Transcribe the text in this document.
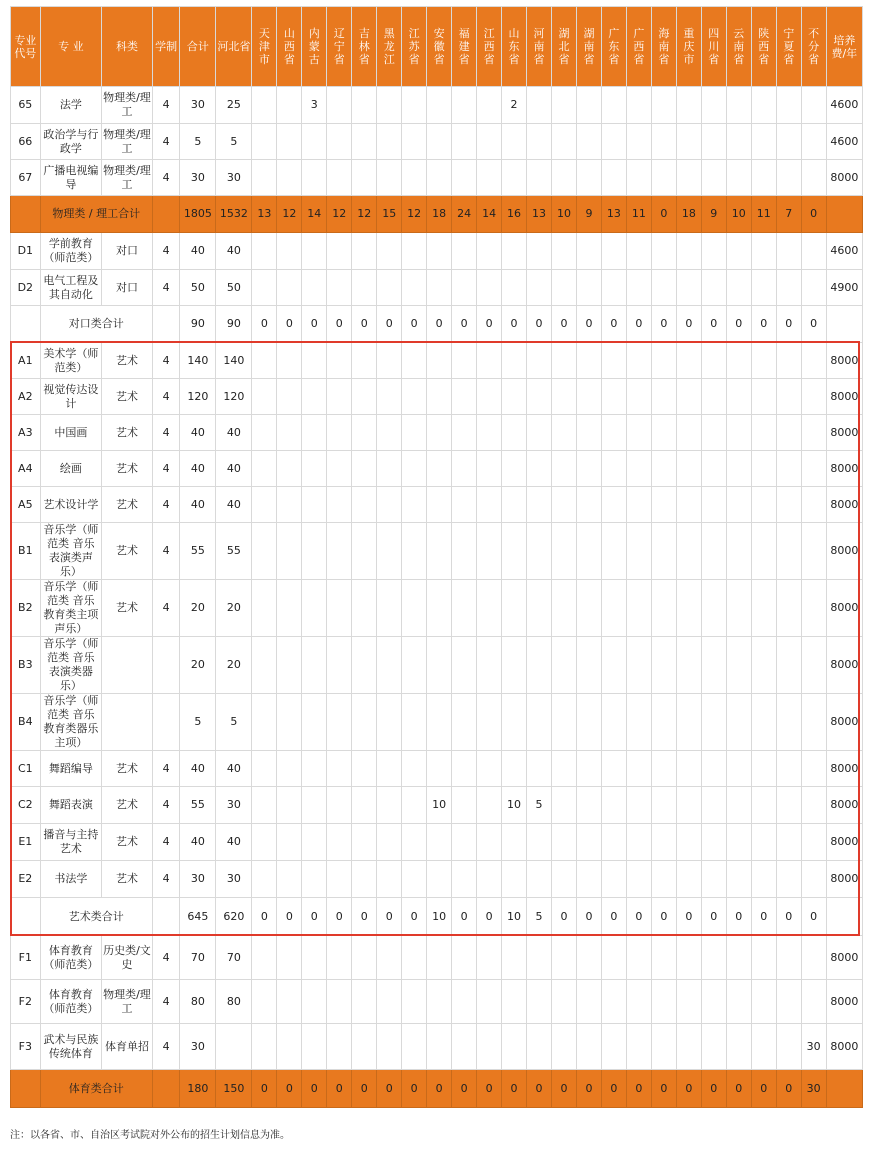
专业代号	专 业	科类	学制	合计	河北省	天津市	山西省	内蒙古	辽宁省	吉林省	黑龙江	江苏省	安徽省	福建省	江西省	山东省	河南省	湖北省	湖南省	广东省	广西省	海南省	重庆市	四川省	云南省	陕西省	宁夏省	不分省	培养费/年
65	法学	物理类/理工	4	30	25			3								2													4600
66	政治学与行政学	物理类/理工	4	5	5																								4600
67	广播电视编导	物理类/理工	4	30	30																								8000
	物理类 / 理工合计			1805	1532	13	12	14	12	12	15	12	18	24	14	16	13	10	9	13	11	0	18	9	10	11	7	0	
D1	学前教育（师范类）	对口	4	40	40																								4600
D2	电气工程及其自动化	对口	4	50	50																								4900
	对口类合计			90	90	0	0	0	0	0	0	0	0	0	0	0	0	0	0	0	0	0	0	0	0	0	0	0	
A1	美术学（师范类）	艺术	4	140	140																								8000
A2	视觉传达设计	艺术	4	120	120																								8000
A3	中国画	艺术	4	40	40																								8000
A4	绘画	艺术	4	40	40																								8000
A5	艺术设计学	艺术	4	40	40																								8000
B1	音乐学（师范类 音乐表演类声乐）	艺术	4	55	55																								8000
B2	音乐学（师范类 音乐教育类主项声乐）	艺术	4	20	20																								8000
B3	音乐学（师范类 音乐表演类器乐）			20	20																								8000
B4	音乐学（师范类 音乐教育类器乐主项）			5	5																								8000
C1	舞蹈编导	艺术	4	40	40																								8000
C2	舞蹈表演	艺术	4	55	30								10			10	5												8000
E1	播音与主持艺术	艺术	4	40	40																								8000
E2	书法学	艺术	4	30	30																								8000
	艺术类合计			645	620	0	0	0	0	0	0	0	10	0	0	10	5	0	0	0	0	0	0	0	0	0	0	0	
F1	体育教育（师范类）	历史类/文史	4	70	70																								8000
F2	体育教育（师范类）	物理类/理工	4	80	80																								8000
F3	武术与民族传统体育	体育单招	4	30																								30	8000
	体育类合计			180	150	0	0	0	0	0	0	0	0	0	0	0	0	0	0	0	0	0	0	0	0	0	0	30	
注：以各省、市、自治区考试院对外公布的招生计划信息为准。
